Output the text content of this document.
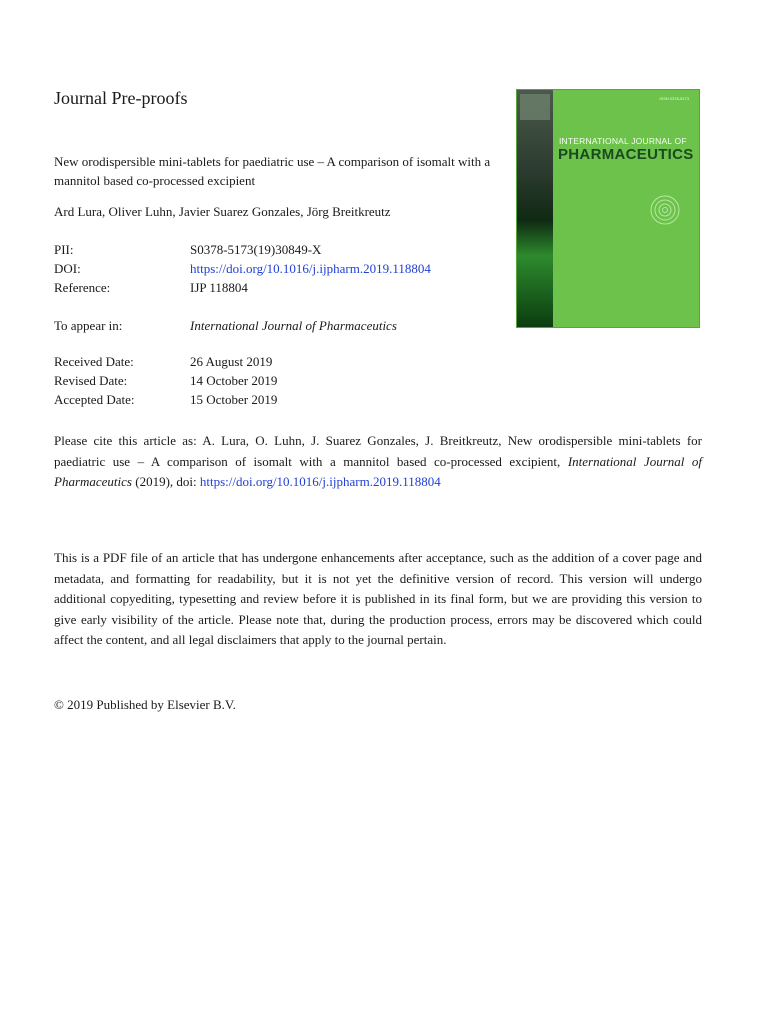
Journal Pre-proofs
New orodispersible mini-tablets for paediatric use – A comparison of isomalt with a mannitol based co-processed excipient
Ard Lura, Oliver Luhn, Javier Suarez Gonzales, Jörg Breitkreutz
PII:	S0378-5173(19)30849-X
DOI:	https://doi.org/10.1016/j.ijpharm.2019.118804
Reference:	IJP 118804
To appear in:	International Journal of Pharmaceutics
Received Date:	26 August 2019
Revised Date:	14 October 2019
Accepted Date:	15 October 2019
Please cite this article as: A. Lura, O. Luhn, J. Suarez Gonzales, J. Breitkreutz, New orodispersible mini-tablets for paediatric use – A comparison of isomalt with a mannitol based co-processed excipient, International Journal of Pharmaceutics (2019), doi: https://doi.org/10.1016/j.ijpharm.2019.118804
This is a PDF file of an article that has undergone enhancements after acceptance, such as the addition of a cover page and metadata, and formatting for readability, but it is not yet the definitive version of record. This version will undergo additional copyediting, typesetting and review before it is published in its final form, but we are providing this version to give early visibility of the article. Please note that, during the production process, errors may be discovered which could affect the content, and all legal disclaimers that apply to the journal pertain.
© 2019 Published by Elsevier B.V.
ISSN 0378-5173
INTERNATIONAL JOURNAL OF
PHARMACEUTICS
